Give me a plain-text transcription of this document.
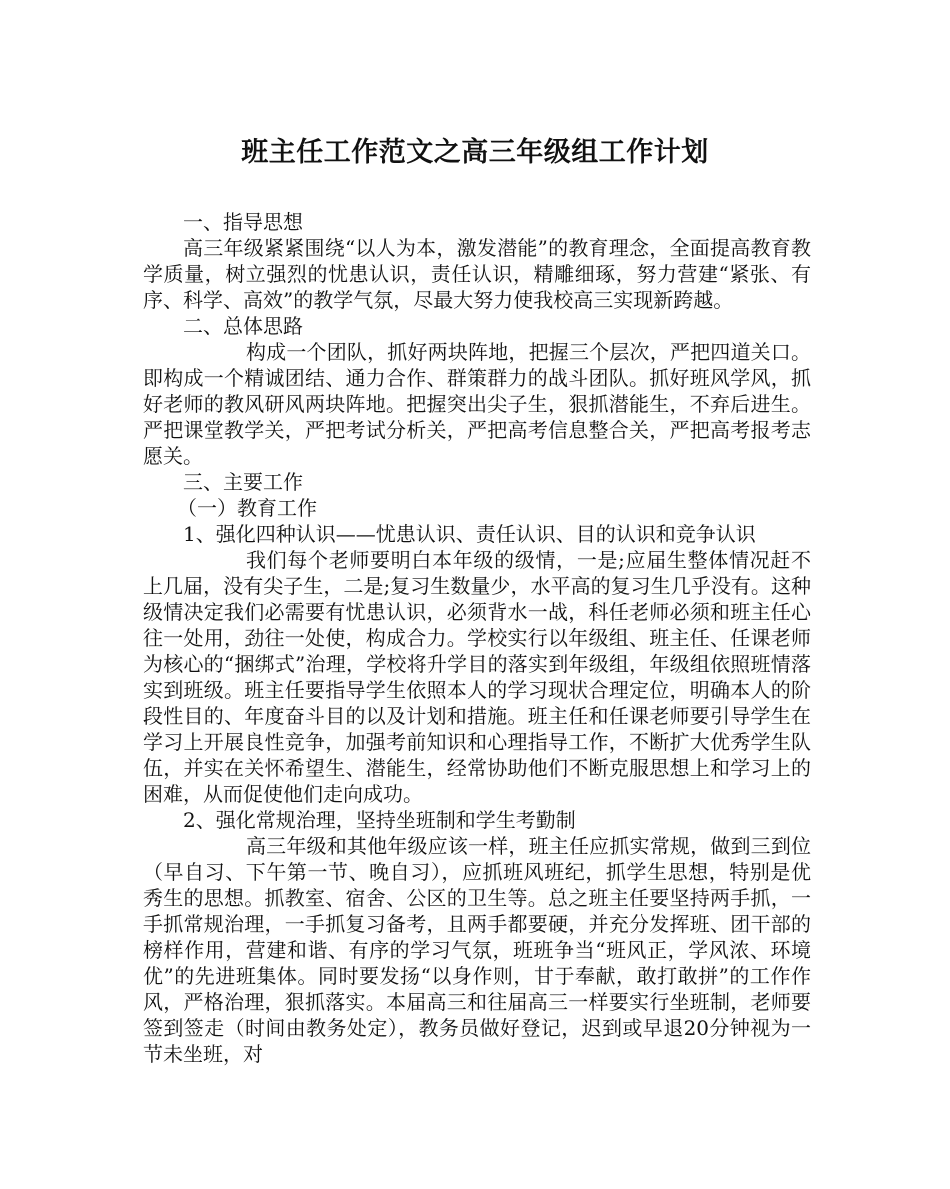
班主任工作范文之高三年级组工作计划

一、指导思想

高三年级紧紧围绕“以人为本，激发潜能”的教育理念，全面提高教育教学质量，树立强烈的忧患认识，责任认识，精雕细琢，努力营建“紧张、有序、科学、高效”的教学气氛，尽最大努力使我校高三实现新跨越。

二、总体思路

构成一个团队，抓好两块阵地，把握三个层次，严把四道关口。即构成一个精诚团结、通力合作、群策群力的战斗团队。抓好班风学风，抓好老师的教风研风两块阵地。把握突出尖子生，狠抓潜能生，不弃后进生。严把课堂教学关，严把考试分析关，严把高考信息整合关，严把高考报考志愿关。

三、主要工作

（一）教育工作

1、强化四种认识——忧患认识、责任认识、目的认识和竞争认识

我们每个老师要明白本年级的级情，一是;应届生整体情况赶不上几届，没有尖子生，二是;复习生数量少，水平高的复习生几乎没有。这种级情决定我们必需要有忧患认识，必须背水一战，科任老师必须和班主任心往一处用，劲往一处使，构成合力。学校实行以年级组、班主任、任课老师为核心的“捆绑式”治理，学校将升学目的落实到年级组，年级组依照班情落实到班级。班主任要指导学生依照本人的学习现状合理定位，明确本人的阶段性目的、年度奋斗目的以及计划和措施。班主任和任课老师要引导学生在学习上开展良性竞争，加强考前知识和心理指导工作，不断扩大优秀学生队伍，并实在关怀希望生、潜能生，经常协助他们不断克服思想上和学习上的困难，从而促使他们走向成功。

2、强化常规治理，坚持坐班制和学生考勤制

高三年级和其他年级应该一样，班主任应抓实常规，做到三到位（早自习、下午第一节、晚自习），应抓班风班纪，抓学生思想，特别是优秀生的思想。抓教室、宿舍、公区的卫生等。总之班主任要坚持两手抓，一手抓常规治理，一手抓复习备考，且两手都要硬，并充分发挥班、团干部的榜样作用，营建和谐、有序的学习气氛，班班争当“班风正，学风浓、环境优”的先进班集体。同时要发扬“以身作则，甘于奉献，敢打敢拼”的工作作风，严格治理，狠抓落实。本届高三和往届高三一样要实行坐班制，老师要签到签走（时间由教务处定），教务员做好登记，迟到或早退20分钟视为一节未坐班，对
